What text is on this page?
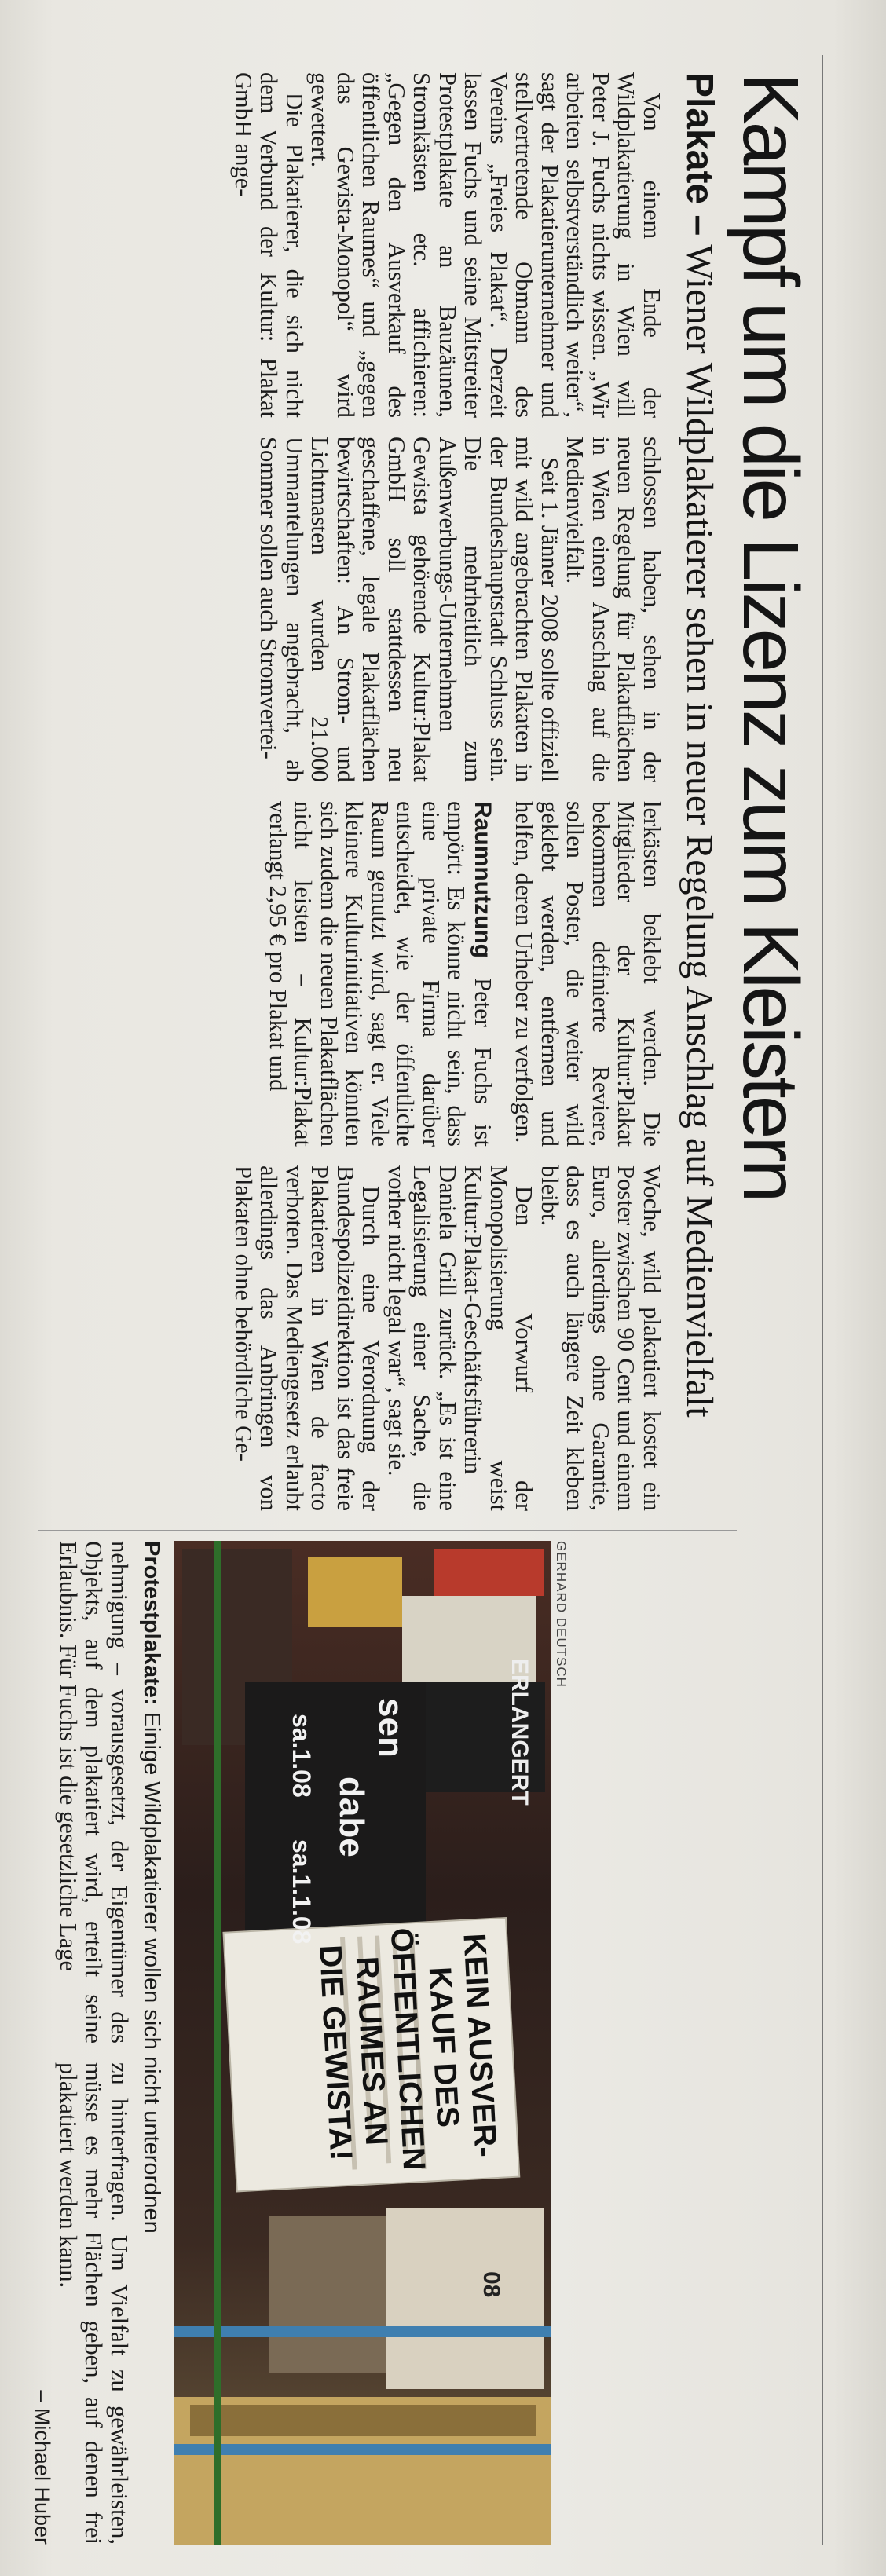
Kampf um die Lizenz zum Kleistern
Plakate – Wiener Wildplakatierer sehen in neuer Regelung Anschlag auf Medienvielfalt

Von einem Ende der Wildplakatierung in Wien will Peter J. Fuchs nichts wissen. „Wir arbeiten selbstverständlich weiter“, sagt der Plakatierunternehmer und stellvertretende Obmann des Vereins „Freies Plakat“. Derzeit lassen Fuchs und seine Mitstreiter Protestplakate an Bauzäunen, Stromkästen etc. affichieren: „Gegen den Ausverkauf des öffentlichen Raumes“ und „gegen das Gewista-Monopol“ wird gewettert.

Die Plakatierer, die sich nicht dem Verbund der Kultur: Plakat GmbH ange-

schlossen haben, sehen in der neuen Regelung für Plakatflächen in Wien einen Anschlag auf die Medienvielfalt.

Seit 1. Jänner 2008 sollte offiziell mit wild angebrachten Plakaten in der Bundeshauptstadt Schluss sein. Die mehrheitlich zum Außenwerbungs-Unternehmen Gewista gehörende Kultur:Plakat GmbH soll stattdessen neu geschaffene, legale Plakatflächen bewirtschaften: An Strom- und Lichtmasten wurden 21.000 Ummantelungen angebracht, ab Sommer sollen auch Stromvertei-

lerkästen beklebt werden. Die Mitglieder der Kultur:Plakat bekommen definierte Reviere, sollen Poster, die weiter wild geklebt werden, entfernen und helfen, deren Urheber zu verfolgen.

Raumnutzung Peter Fuchs ist empört: Es könne nicht sein, dass eine private Firma darüber entscheidet, wie der öffentliche Raum genutzt wird, sagt er. Viele kleinere Kulturinitiativen könnten sich zudem die neuen Plakatflächen nicht leisten – Kultur:Plakat verlangt 2,95 € pro Plakat und

Woche, wild plakatiert kostet ein Poster zwischen 90 Cent und einem Euro, allerdings ohne Garantie, dass es auch längere Zeit kleben bleibt.

Den Vorwurf der Monopolisierung weist Kultur:Plakat-Geschäftsführerin Daniela Grill zurück. „Es ist eine Legalisierung einer Sache, die vorher nicht legal war“, sagt sie.

Durch eine Verordnung der Bundespolizeidirektion ist das freie Plakatieren in Wien de facto verboten. Das Mediengesetz erlaubt allerdings das Anbringen von Plakaten ohne behördliche Ge-

GERHARD DEUTSCH
ERLANGERT
sen
dabe
sa.1.08
sa.1.1.08
08
KEIN AUSVER-
KAUF DES
ÖFFENTLICHEN
RAUMES AN
DIE GEWISTA!
Protestplakate: Einige Wildplakatierer wollen sich nicht unterordnen

nehmigung – vorausgesetzt, der Eigentümer des Objekts, auf dem plakatiert wird, erteilt seine Erlaubnis. Für Fuchs ist die gesetzliche Lage

zu hinterfragen. Um Vielfalt zu gewährleisten, müsse es mehr Flächen geben, auf denen frei plakatiert werden kann.

– Michael Huber
